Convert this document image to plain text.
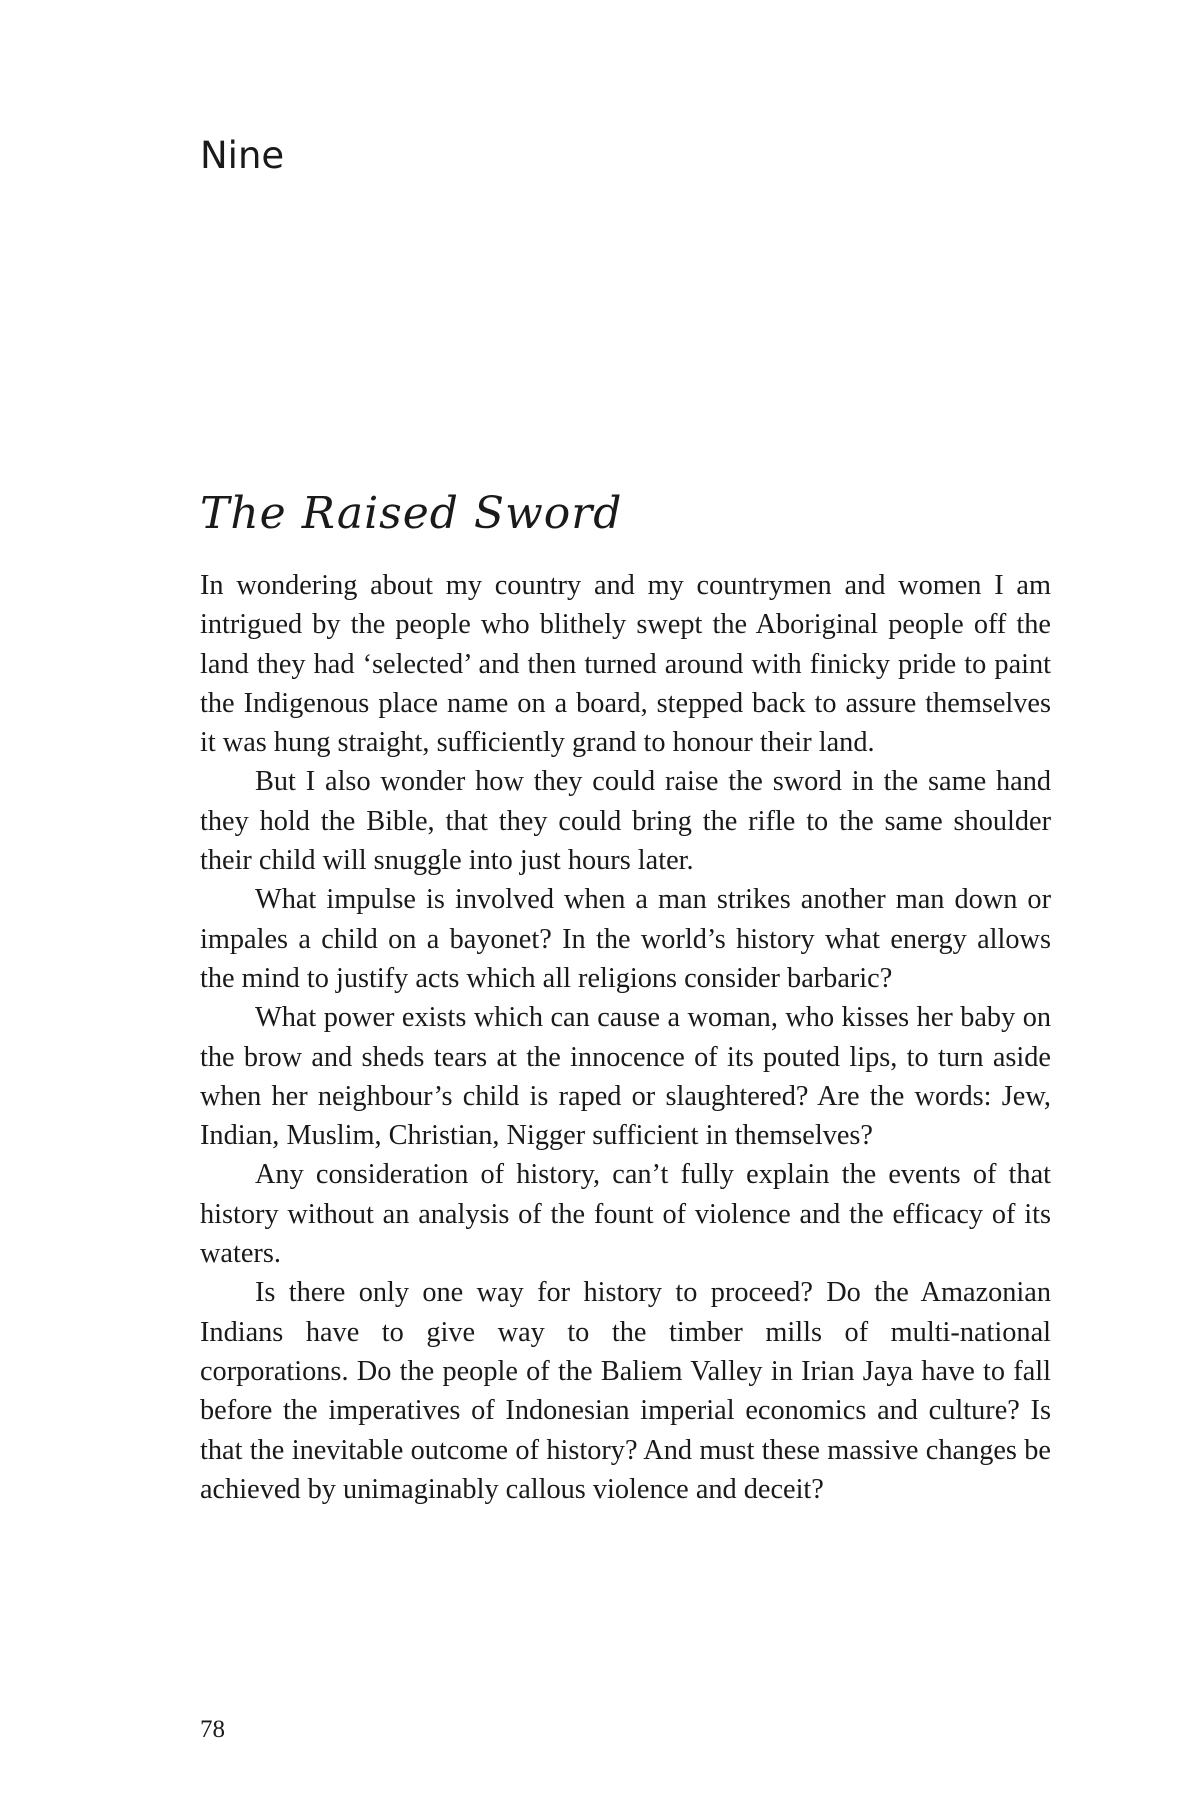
Nine
The Raised Sword

In wondering about my country and my countrymen and women I am intrigued by the people who blithely swept the Aboriginal people off the land they had ‘selected’ and then turned around with finicky pride to paint the Indigenous place name on a board, stepped back to assure themselves it was hung straight, sufficiently grand to honour their land.

But I also wonder how they could raise the sword in the same hand they hold the Bible, that they could bring the rifle to the same shoulder their child will snuggle into just hours later.

What impulse is involved when a man strikes another man down or impales a child on a bayonet? In the world’s history what energy allows the mind to justify acts which all religions consider barbaric?

What power exists which can cause a woman, who kisses her baby on the brow and sheds tears at the innocence of its pouted lips, to turn aside when her neighbour’s child is raped or slaughtered? Are the words: Jew, Indian, Muslim, Christian, Nigger sufficient in themselves?

Any consideration of history, can’t fully explain the events of that history without an analysis of the fount of violence and the efficacy of its waters.

Is there only one way for history to proceed? Do the Amazonian Indians have to give way to the timber mills of multi-national corporations. Do the people of the Baliem Valley in Irian Jaya have to fall before the imperatives of Indonesian imperial economics and culture? Is that the inevitable outcome of history? And must these massive changes be achieved by unimaginably callous violence and deceit?

78
